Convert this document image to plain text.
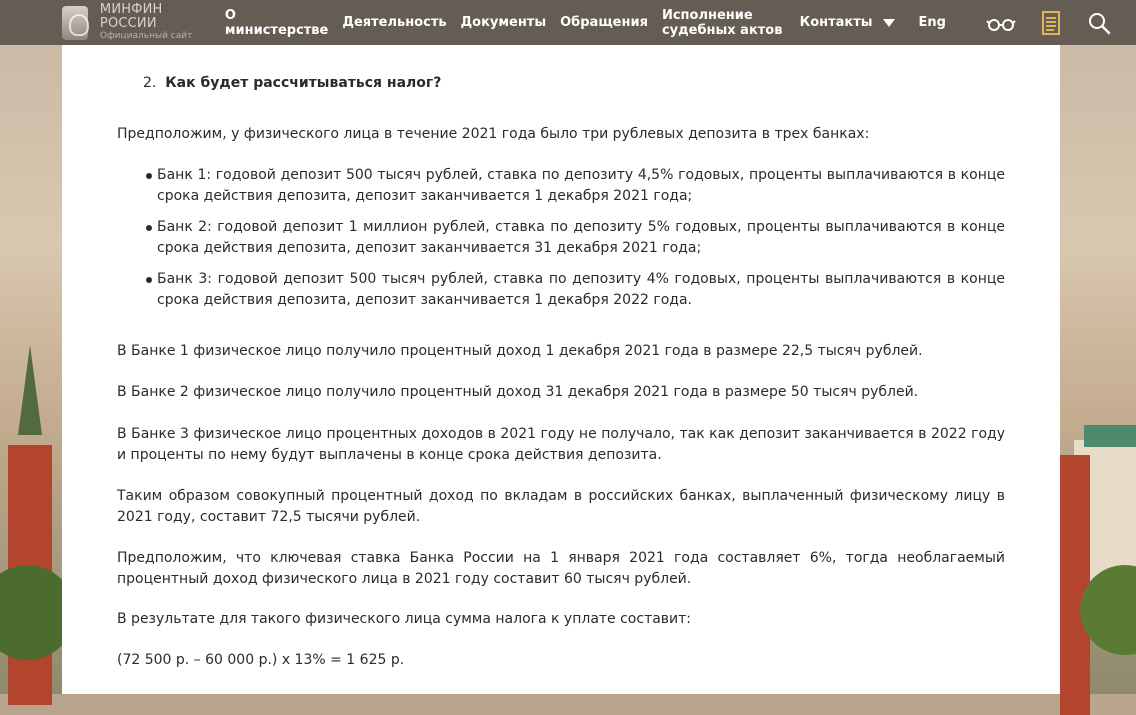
МИНФИН РОССИИ
Официальный сайт
О министерстве Деятельность Документы Обращения Исполнение судебных актов Контакты	Eng
2. Как будет рассчитываться налог?

Предположим, у физического лица в течение 2021 года было три рублевых депозита в трех банках:

Банк 1: годовой депозит 500 тысяч рублей, ставка по депозиту 4,5% годовых, проценты выплачиваются в конце срока действия депозита, депозит заканчивается 1 декабря 2021 года;
Банк 2: годовой депозит 1 миллион рублей, ставка по депозиту 5% годовых, проценты выплачиваются в конце срока действия депозита, депозит заканчивается 31 декабря 2021 года;
Банк 3: годовой депозит 500 тысяч рублей, ставка по депозиту 4% годовых, проценты выплачиваются в конце срока действия депозита, депозит заканчивается 1 декабря 2022 года.

В Банке 1 физическое лицо получило процентный доход 1 декабря 2021 года в размере 22,5 тысяч рублей.

В Банке 2 физическое лицо получило процентный доход 31 декабря 2021 года в размере 50 тысяч рублей.

В Банке 3 физическое лицо процентных доходов в 2021 году не получало, так как депозит заканчивается в 2022 году и проценты по нему будут выплачены в конце срока действия депозита.

Таким образом совокупный процентный доход по вкладам в российских банках, выплаченный физическому лицу в 2021 году, составит 72,5 тысячи рублей.

Предположим, что ключевая ставка Банка России на 1 января 2021 года составляет 6%, тогда необлагаемый процентный доход физического лица в 2021 году составит 60 тысяч рублей.

В результате для такого физического лица сумма налога к уплате составит:

(72 500 р. – 60 000 р.) х 13% = 1 625 р.
